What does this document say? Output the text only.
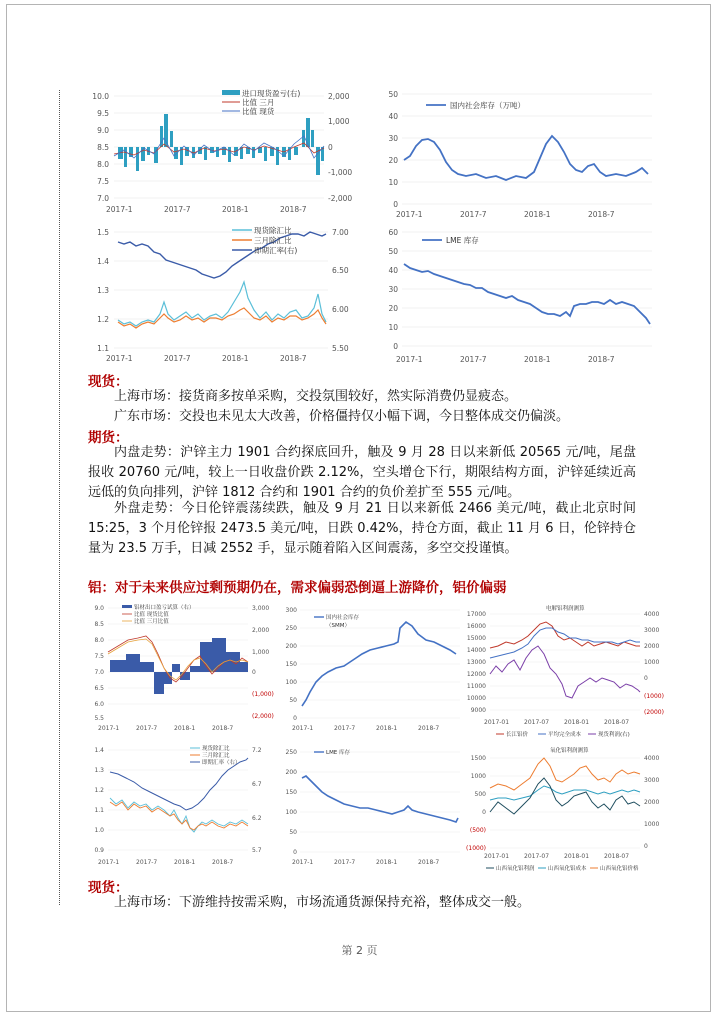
10.0
9.5
9.0
8.5
8.0
7.5
7.0
2,000
1,000
0
-1,000
-2,000
2017-1	2017-7	2018-1	2018-7
进口现货盈亏(右)
比值 三月
比值 现货
50
40
30
20
10
0
2017-1	2017-7	2018-1	2018-7
国内社会库存（万吨）
1.5
1.4
1.3
1.2
1.1
7.00
6.50
6.00
5.50
2017-1	2017-7	2018-1	2018-7
现货除汇比
三月除汇比
即期汇率(右)
60
50
40
30
20
10
0
2017-1	2017-7	2018-1	2018-7
LME 库存
现货：
上海市场：接货商多按单采购，交投氛围较好，然实际消费仍显疲态。
广东市场：交投也未见太大改善，价格僵持仅小幅下调，今日整体成交仍偏淡。
期货：
内盘走势：沪锌主力 1901 合约探底回升，触及 9 月 28 日以来新低 20565 元/吨，尾盘报收 20760 元/吨，较上一日收盘价跌 2.12%，空头增仓下行，期限结构方面，沪锌延续近高远低的负向排列，沪锌 1812 合约和 1901 合约的负价差扩至 555 元/吨。
外盘走势：今日伦锌震荡续跌，触及 9 月 21 日以来新低 2466 美元/吨，截止北京时间 15:25，3 个月伦锌报 2473.5 美元/吨，日跌 0.42%，持仓方面，截止 11 月 6 日，伦锌持仓量为 23.5 万手，日减 2552 手，显示随着陷入区间震荡，多空交投谨慎。
铝：对于未来供应过剩预期仍在，需求偏弱恐倒逼上游降价，铝价偏弱
9.0
8.5
8.0
7.5
7.0
6.5
6.0
5.5
3,000
2,000
1,000
0
(1,000)
(2,000)
2017-1	2017-7	2018-1	2018-7
铝材出口盈亏试算（右）
比值 现货比值
比值 三月比值
300
250
200
150
100
50
0
2017-1	2017-7	2018-1	2018-7
国内社会库存
（SMM）
电解铝利润测算
17000
16000
15000
14000
13000
12000
11000
10000
9000
4000
3000
2000
1000
0
(1000)
(2000)
2017-01 2017-07 2018-01 2018-07
长江铝价	平均完全成本	现货利润(右)
1.4
1.3
1.2
1.1
1.0
0.9
7.2
6.7
6.2
5.7
2017-1	2017-7	2018-1	2018-7
现货除汇比
三月除汇比
即期汇率（右）
250
200
150
100
50
0
2017-1	2017-7	2018-1	2018-7
LME 库存	氧化铝利润测算
1500
1000
500
0
(500)
(1000)
4000
3000
2000
1000
0
2017-01 2017-07 2018-01 2018-07
山西氧化铝利润 山西氧化铝成本 山西氧化铝价格
现货：
上海市场：下游维持按需采购，市场流通货源保持充裕，整体成交一般。
第 2 页
